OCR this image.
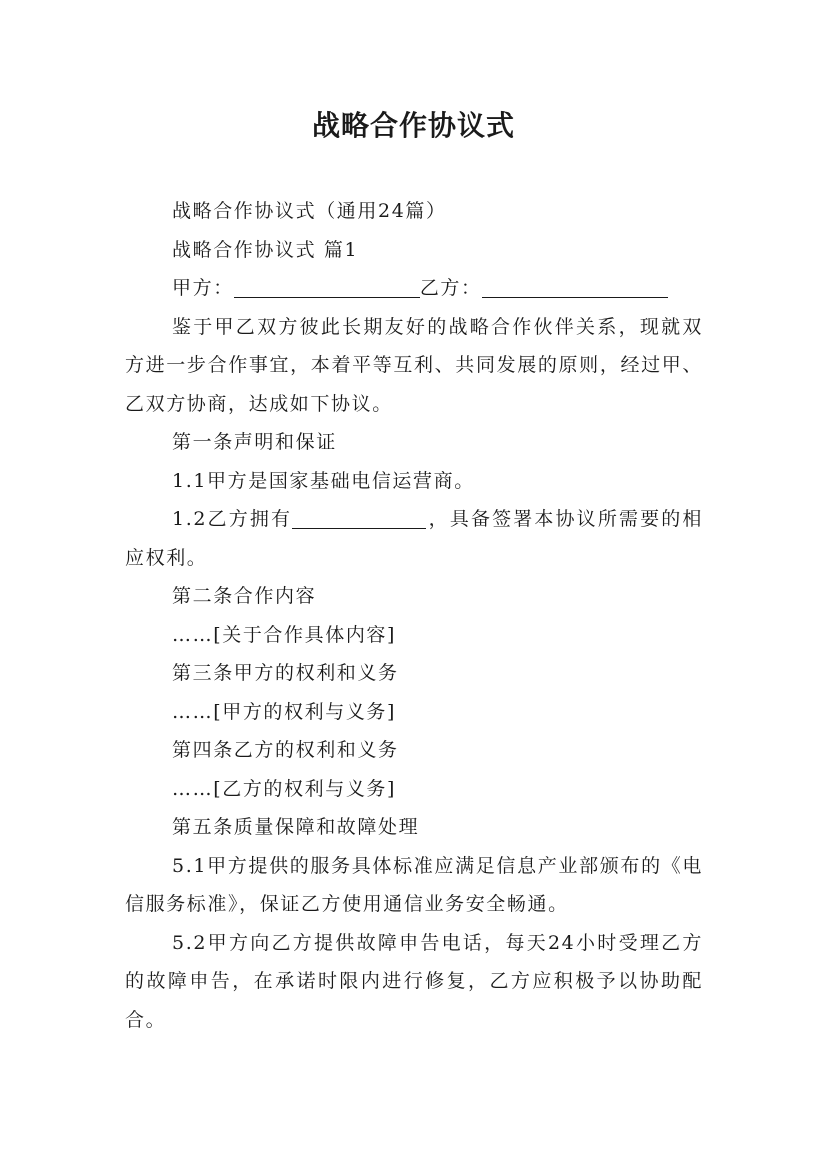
战略合作协议式

战略合作协议式（通用24篇）

战略合作协议式 篇1

甲方：	乙方：

鉴于甲乙双方彼此长期友好的战略合作伙伴关系，现就双方进一步合作事宜，本着平等互利、共同发展的原则，经过甲、乙双方协商，达成如下协议。

第一条声明和保证

1.1甲方是国家基础电信运营商。

1.2乙方拥有	，具备签署本协议所需要的相应权利。

第二条合作内容

……[关于合作具体内容]

第三条甲方的权利和义务

……[甲方的权利与义务]

第四条乙方的权利和义务

……[乙方的权利与义务]

第五条质量保障和故障处理

5.1甲方提供的服务具体标准应满足信息产业部颁布的《电信服务标准》，保证乙方使用通信业务安全畅通。

5.2甲方向乙方提供故障申告电话，每天24小时受理乙方的故障申告，在承诺时限内进行修复，乙方应积极予以协助配合。
